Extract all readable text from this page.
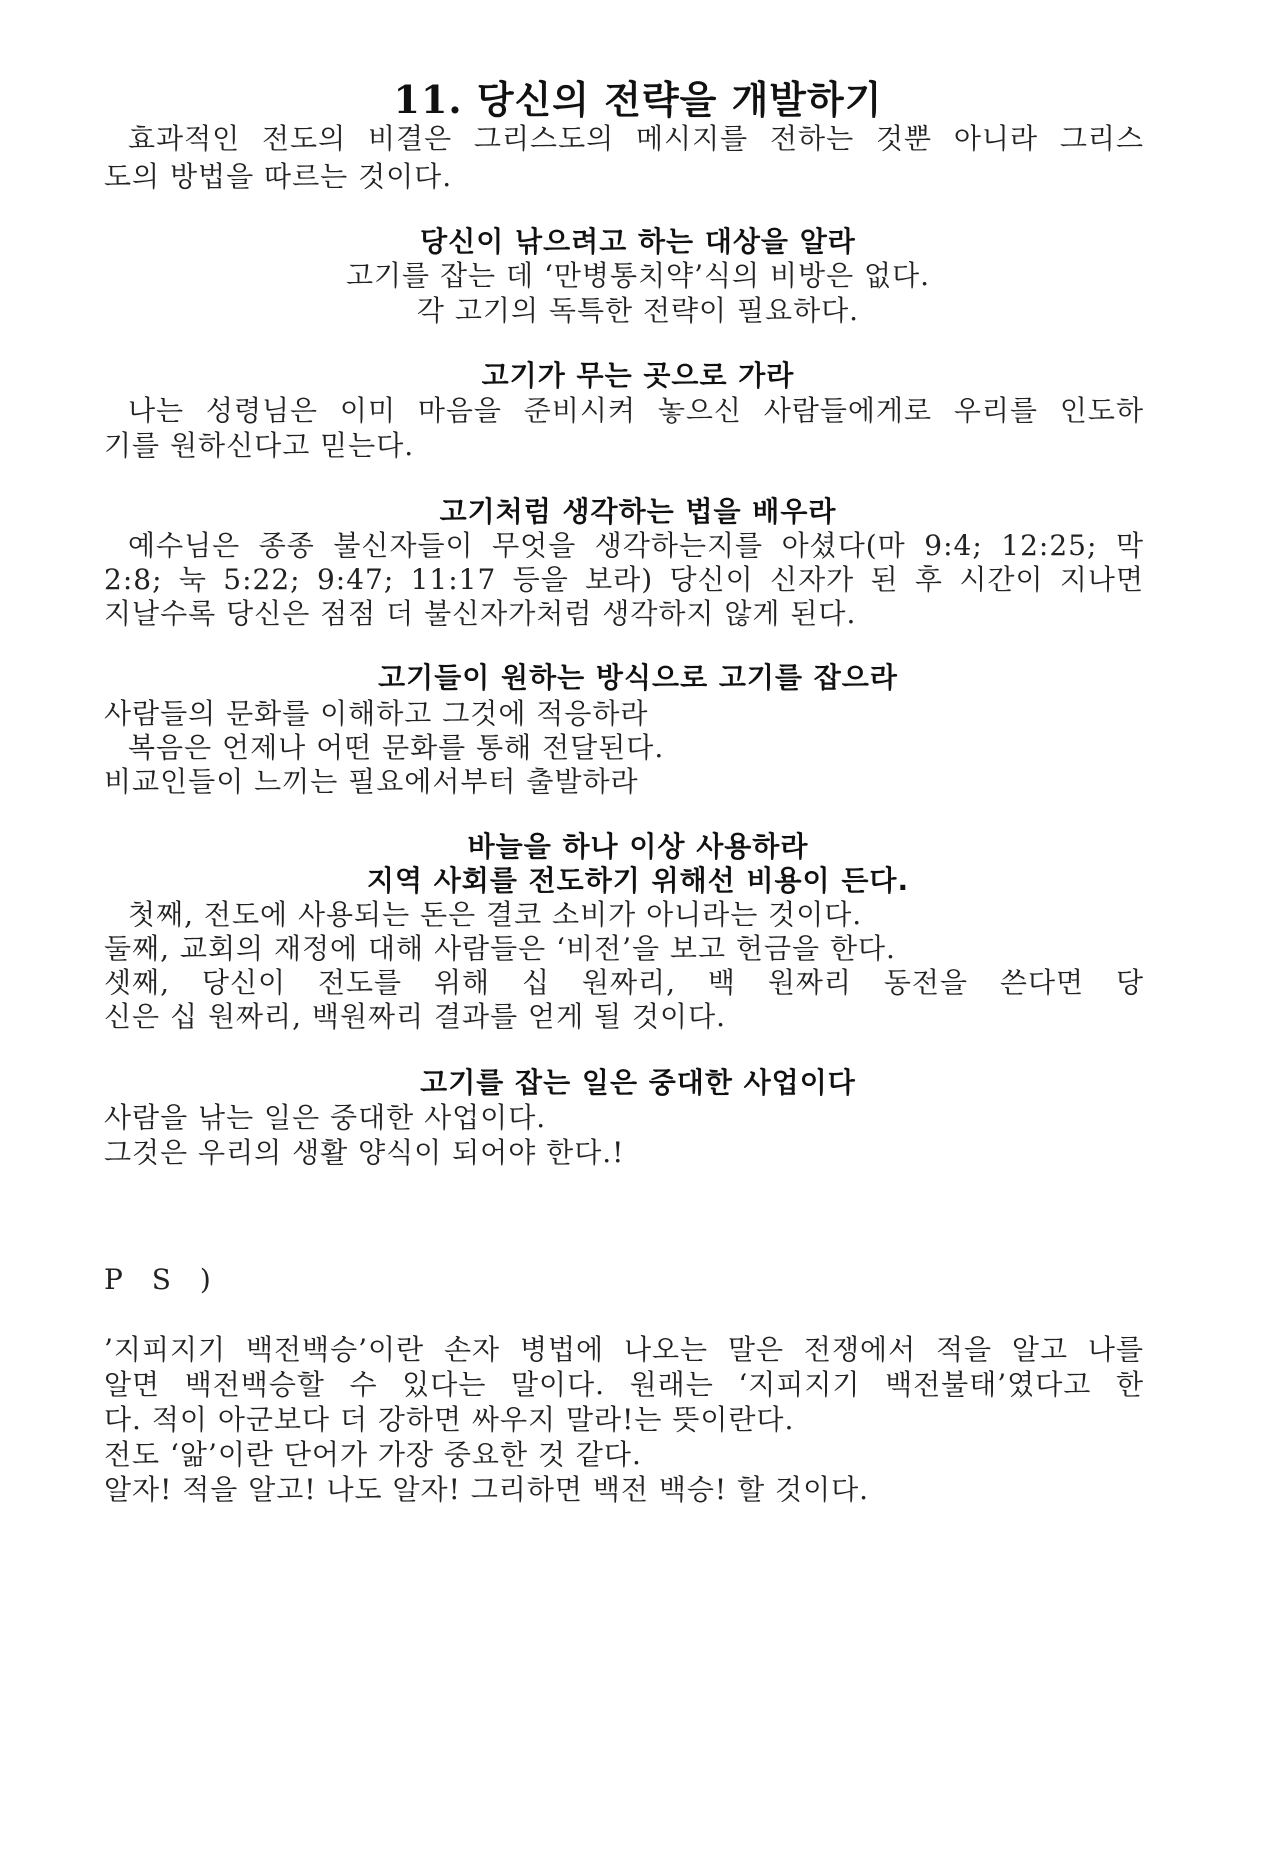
11. 당신의 전략을 개발하기
효과적인 전도의 비결은 그리스도의 메시지를 전하는 것뿐 아니라 그리스
도의 방법을 따르는 것이다.
당신이 낚으려고 하는 대상을 알라
고기를 잡는 데 ‘만병통치약’식의 비방은 없다.
각 고기의 독특한 전략이 필요하다.
고기가 무는 곳으로 가라
나는 성령님은 이미 마음을 준비시켜 놓으신 사람들에게로 우리를 인도하
기를 원하신다고 믿는다.
고기처럼 생각하는 법을 배우라
예수님은 종종 불신자들이 무엇을 생각하는지를 아셨다(마 9:4; 12:25; 막
2:8; 눅 5:22; 9:47; 11:17 등을 보라) 당신이 신자가 된 후 시간이 지나면
지날수록 당신은 점점 더 불신자가처럼 생각하지 않게 된다.
고기들이 원하는 방식으로 고기를 잡으라
사람들의 문화를 이해하고 그것에 적응하라
복음은 언제나 어떤 문화를 통해 전달된다.
비교인들이 느끼는 필요에서부터 출발하라
바늘을 하나 이상 사용하라
지역 사회를 전도하기 위해선 비용이 든다.
첫째, 전도에 사용되는 돈은 결코 소비가 아니라는 것이다.
둘째, 교회의 재정에 대해 사람들은 ‘비전’을 보고 헌금을 한다.
셋째, 당신이 전도를 위해 십 원짜리, 백 원짜리 동전을 쓴다면 당
신은 십 원짜리, 백원짜리 결과를 얻게 될 것이다.
고기를 잡는 일은 중대한 사업이다
사람을 낚는 일은 중대한 사업이다.
그것은 우리의 생활 양식이 되어야 한다.!
P S )
’지피지기 백전백승’이란 손자 병법에 나오는 말은 전쟁에서 적을 알고 나를
알면 백전백승할 수 있다는 말이다. 원래는 ‘지피지기 백전불태’였다고 한
다. 적이 아군보다 더 강하면 싸우지 말라!는 뜻이란다.
전도 ‘앎’이란 단어가 가장 중요한 것 같다.
알자! 적을 알고! 나도 알자! 그리하면 백전 백승! 할 것이다.
